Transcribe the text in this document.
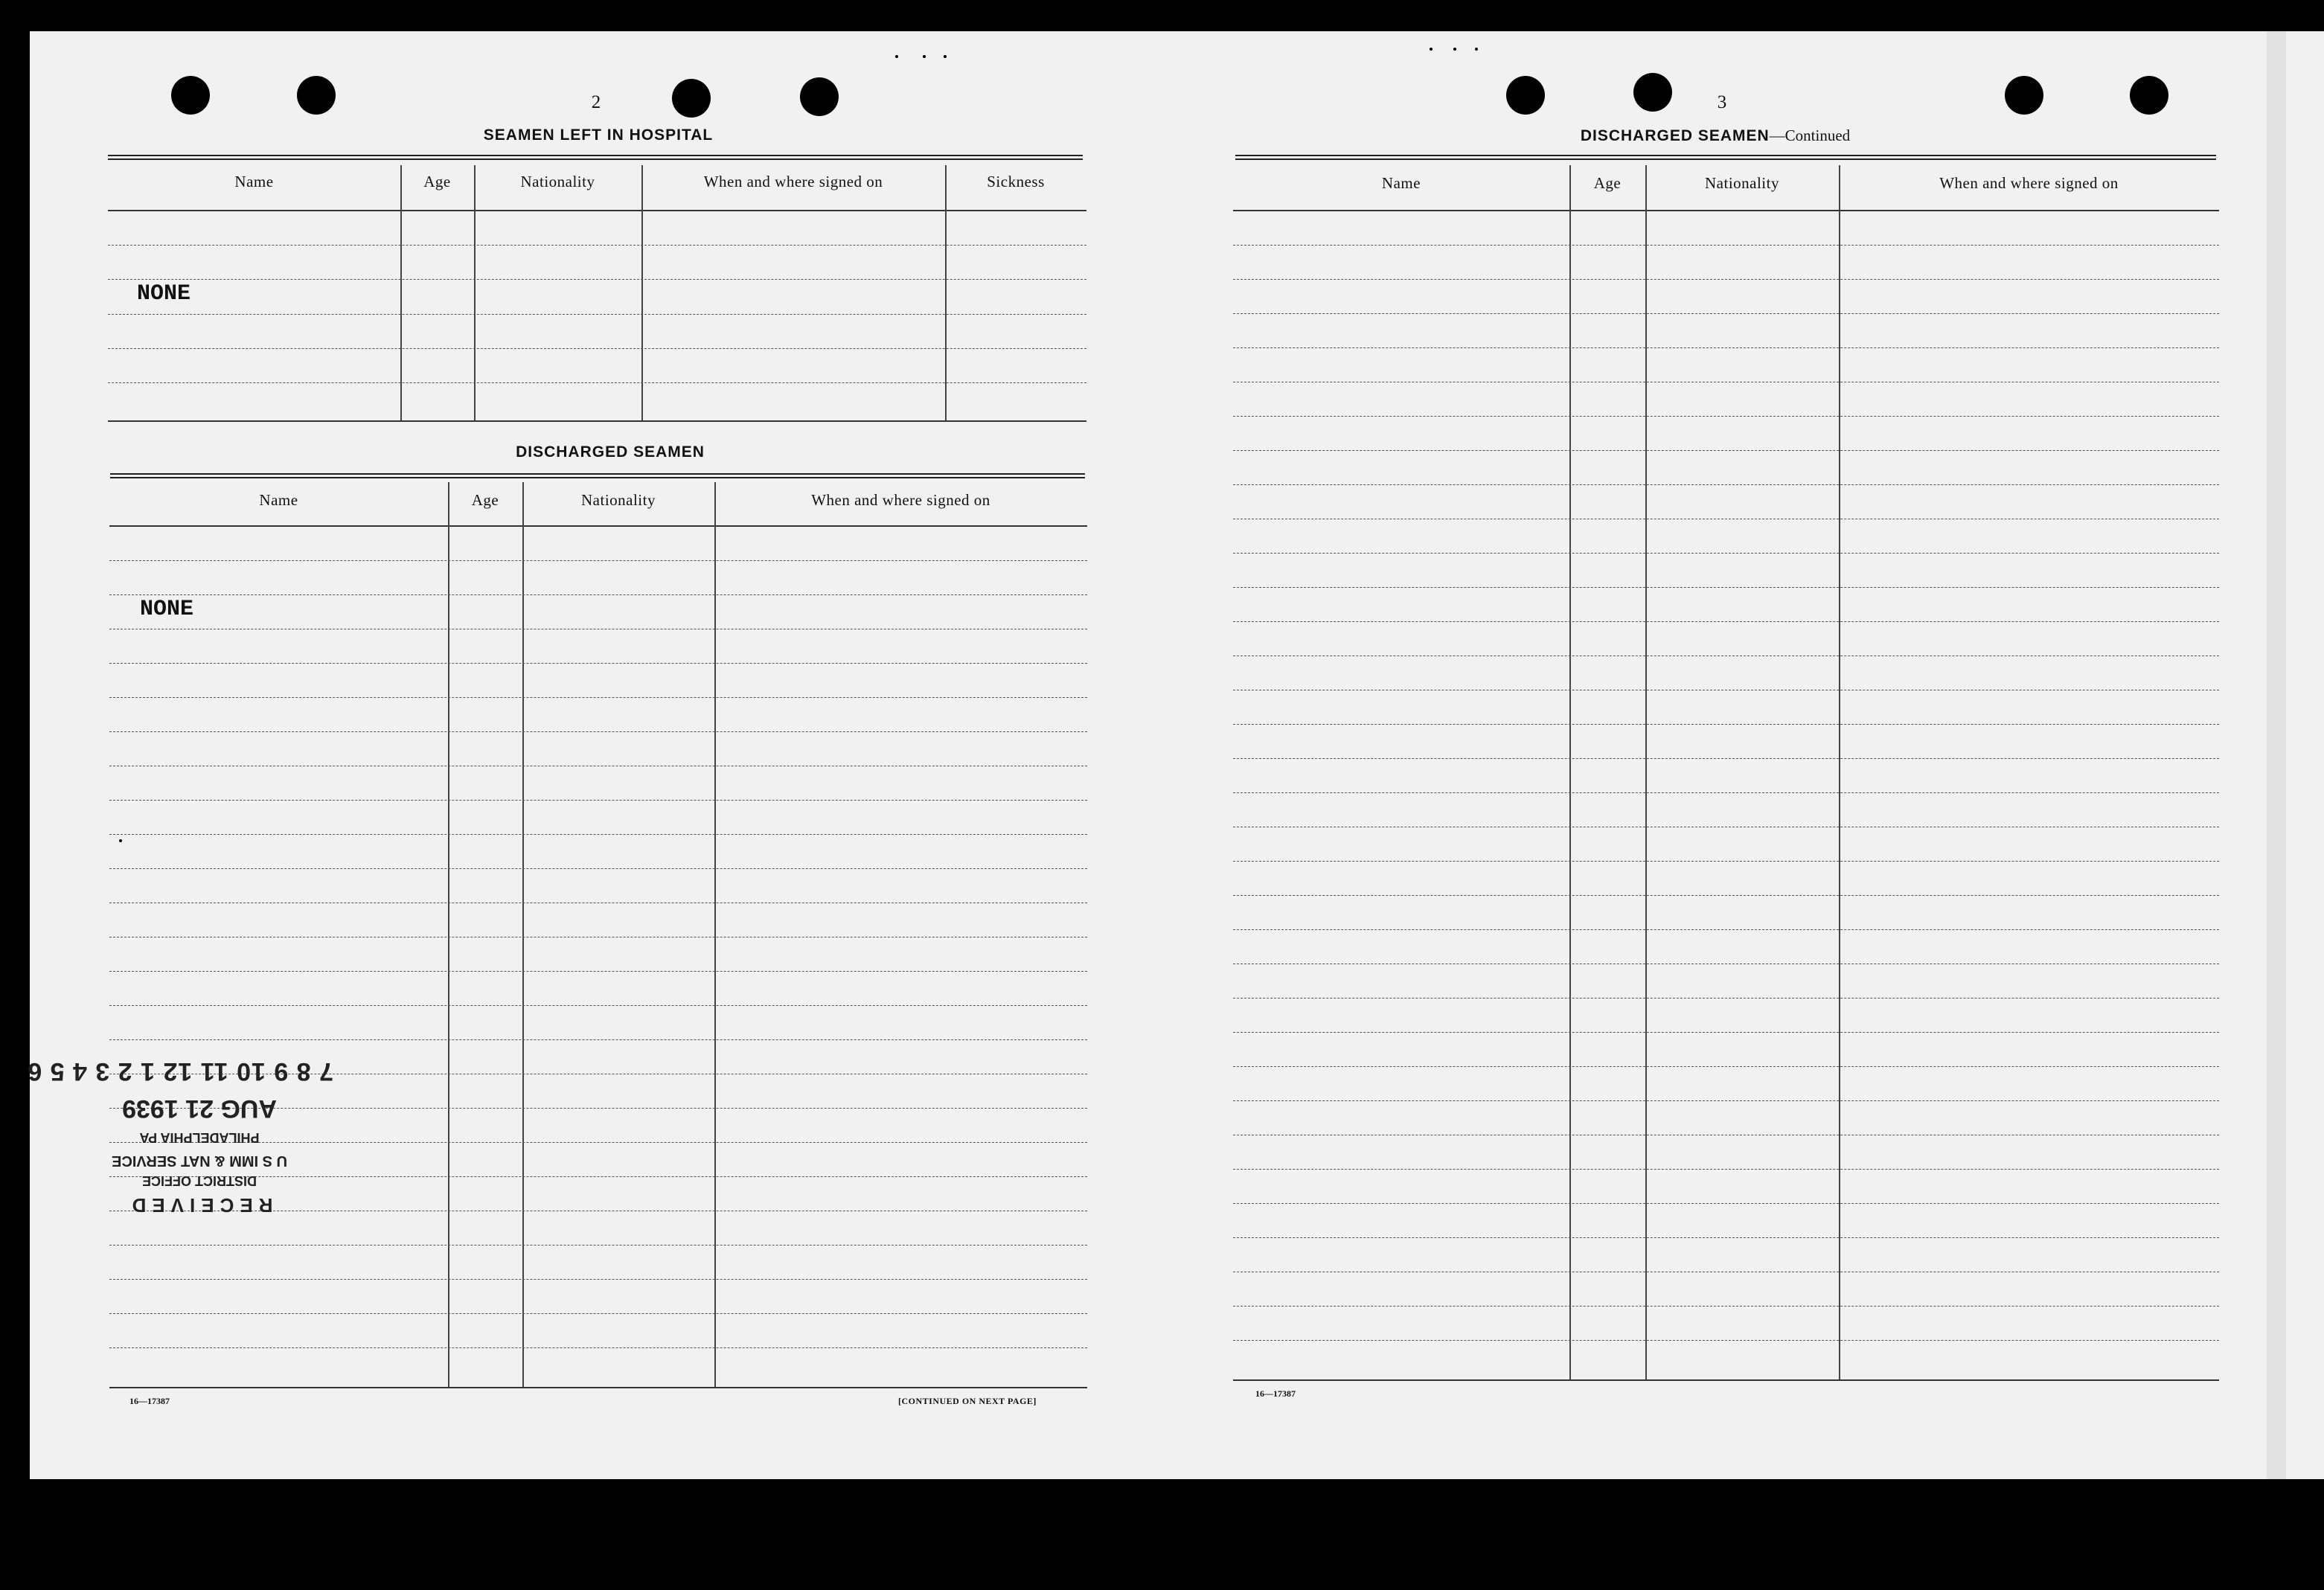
2
SEAMEN LEFT IN HOSPITAL
Name	Age	Nationality	When and where signed on	Sickness
NONE
DISCHARGED SEAMEN
Name	Age	Nationality	When and where signed on
NONE
16—17387	[CONTINUED ON NEXT PAGE]
7 8 9 10 11 12 1 2 3 4 5 6
AUG 21 1939
PHILADELPHIA PA
U S IMM & NAT SERVICE
DISTRICT OFFICE
RECEIVED
3
DISCHARGED SEAMEN—Continued
Name	Age	Nationality	When and where signed on
16—17387
